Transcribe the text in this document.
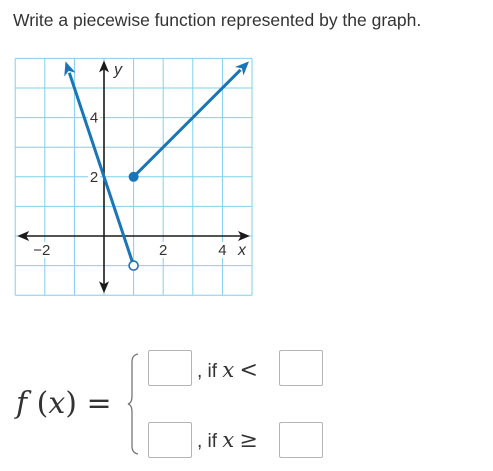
Write a piecewise function represented by the graph.
−2	2	4
2
4
x
y
f (x) =
, if x <
, if x ≥
